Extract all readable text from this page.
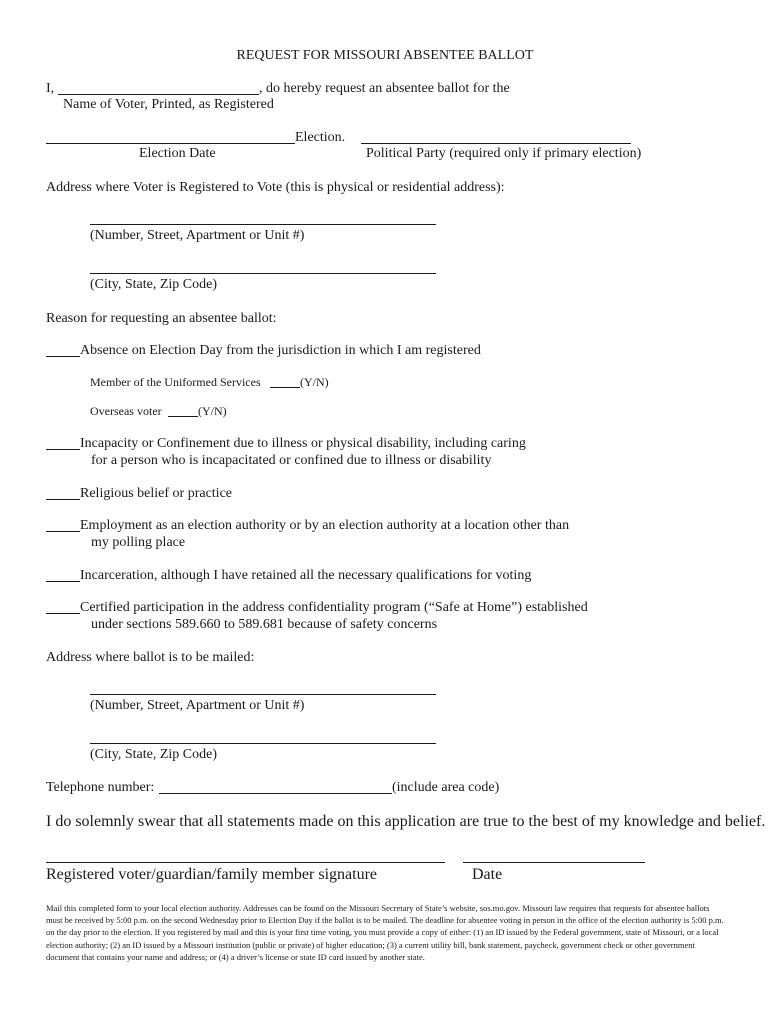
REQUEST FOR MISSOURI ABSENTEE BALLOT
I,	, do hereby request an absentee ballot for the
Name of Voter, Printed, as Registered
Election.
Election Date	Political Party (required only if primary election)
Address where Voter is Registered to Vote (this is physical or residential address):
(Number, Street, Apartment or Unit #)
(City, State, Zip Code)
Reason for requesting an absentee ballot:
Absence on Election Day from the jurisdiction in which I am registered
Member of the Uniformed Services	(Y/N)
Overseas voter	(Y/N)
Incapacity or Confinement due to illness or physical disability, including caring
for a person who is incapacitated or confined due to illness or disability
Religious belief or practice
Employment as an election authority or by an election authority at a location other than
my polling place
Incarceration, although I have retained all the necessary qualifications for voting
Certified participation in the address confidentiality program (“Safe at Home”) established
under sections 589.660 to 589.681 because of safety concerns
Address where ballot is to be mailed:
(Number, Street, Apartment or Unit #)
(City, State, Zip Code)
Telephone number:	(include area code)
I do solemnly swear that all statements made on this application are true to the best of my knowledge and belief.
Registered voter/guardian/family member signature	Date
Mail this completed form to your local election authority. Addresses can be found on the Missouri Secretary of State’s website, sos.mo.gov. Missouri law requires that requests for absentee ballots must be received by 5:00 p.m. on the second Wednesday prior to Election Day if the ballot is to be mailed. The deadline for absentee voting in person in the office of the election authority is 5:00 p.m. on the day prior to the election. If you registered by mail and this is your first time voting, you must provide a copy of either: (1) an ID issued by the Federal government, state of Missouri, or a local election authority; (2) an ID issued by a Missouri institution (public or private) of higher education; (3) a current utility bill, bank statement, paycheck, government check or other government document that contains your name and address; or (4) a driver’s license or state ID card issued by another state.
